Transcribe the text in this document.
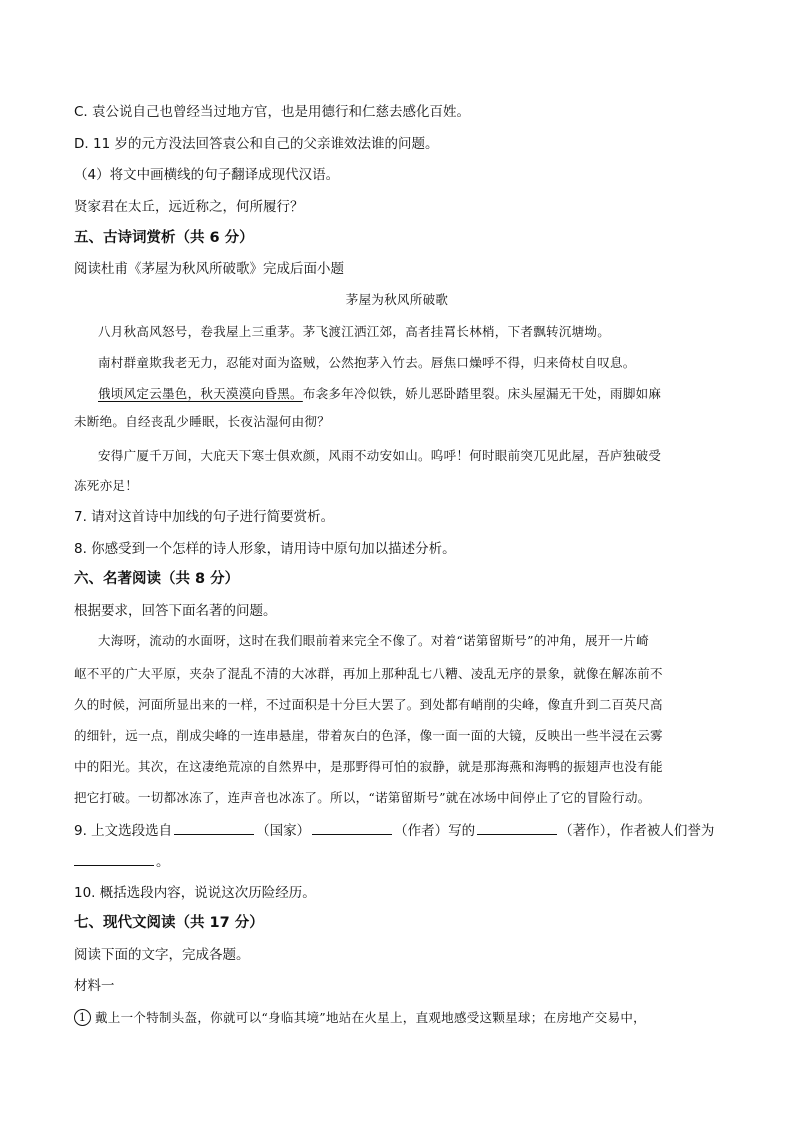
C. 袁公说自己也曾经当过地方官，也是用德行和仁慈去感化百姓。
D. 11 岁的元方没法回答袁公和自己的父亲谁效法谁的问题。
（4）将文中画横线的句子翻译成现代汉语。
贤家君在太丘，远近称之，何所履行？
五、古诗词赏析（共 6 分）
阅读杜甫《茅屋为秋风所破歌》完成后面小题
茅屋为秋风所破歌
八月秋高风怒号，卷我屋上三重茅。茅飞渡江洒江郊，高者挂罥长林梢，下者飘转沉塘坳。
南村群童欺我老无力，忍能对面为盗贼，公然抱茅入竹去。唇焦口燥呼不得，归来倚杖自叹息。
俄顷风定云墨色，秋天漠漠向昏黑。布衾多年冷似铁，娇儿恶卧踏里裂。床头屋漏无干处，雨脚如麻
未断绝。自经丧乱少睡眠，长夜沾湿何由彻？
安得广厦千万间，大庇天下寒士俱欢颜，风雨不动安如山。呜呼！何时眼前突兀见此屋，吾庐独破受
冻死亦足！
7. 请对这首诗中加线的句子进行简要赏析。
8. 你感受到一个怎样的诗人形象，请用诗中原句加以描述分析。
六、名著阅读（共 8 分）
根据要求，回答下面名著的问题。
大海呀，流动的水面呀，这时在我们眼前着来完全不像了。对着“诺第留斯号”的冲角，展开一片崎
岖不平的广大平原，夹杂了混乱不清的大冰群，再加上那种乱七八糟、凌乱无序的景象，就像在解冻前不
久的时候，河面所显出来的一样，不过面积是十分巨大罢了。到处都有峭削的尖峰，像直升到二百英尺高
的细针，远一点，削成尖峰的一连串悬崖，带着灰白的色泽，像一面一面的大镜，反映出一些半浸在云雾
中的阳光。其次，在这凄绝荒凉的自然界中，是那野得可怕的寂静，就是那海燕和海鸭的振翅声也没有能
把它打破。一切都冰冻了，连声音也冰冻了。所以，“诺第留斯号”就在冰场中间停止了它的冒险行动。
9. 上文选段选自	（国家）	（作者）写的	（著作），作者被人们誉为
。
10. 概括选段内容，说说这次历险经历。
七、现代文阅读（共 17 分）
阅读下面的文字，完成各题。
材料一
1 戴上一个特制头盔，你就可以“身临其境”地站在火星上，直观地感受这颗星球；在房地产交易中，
